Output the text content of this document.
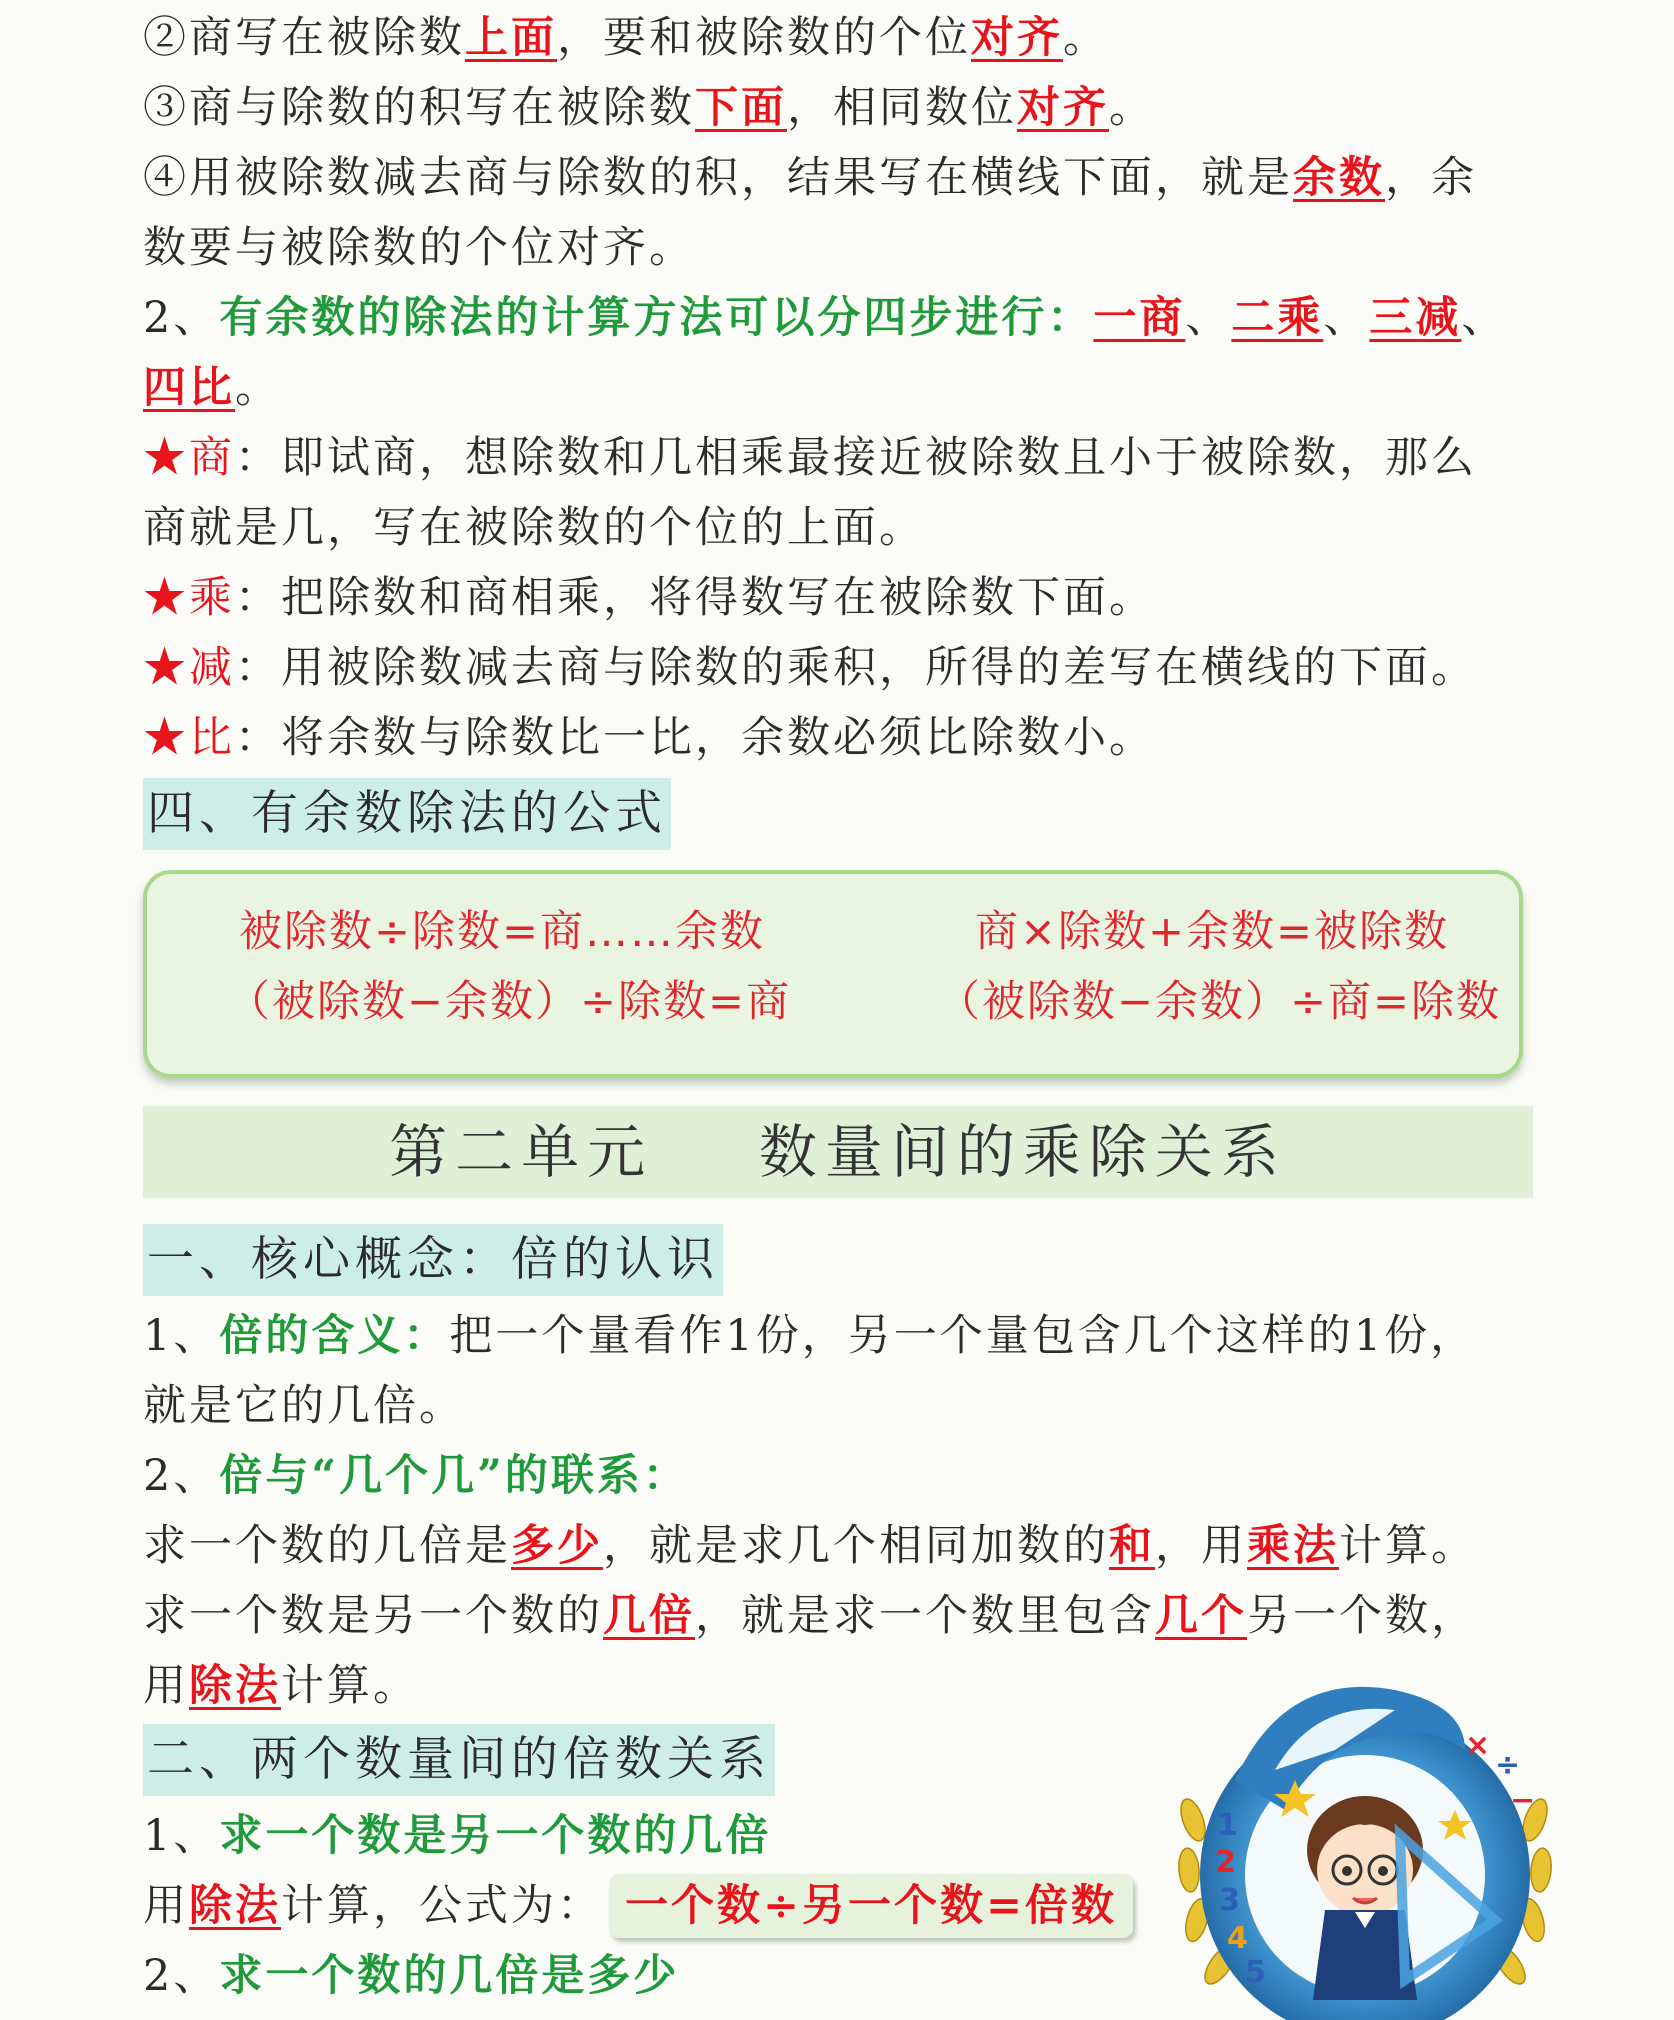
②商写在被除数上面，要和被除数的个位对齐。
③商与除数的积写在被除数下面，相同数位对齐。
④用被除数减去商与除数的积，结果写在横线下面，就是余数，余
数要与被除数的个位对齐。
2、有余数的除法的计算方法可以分四步进行：一商、二乘、三减、
四比。
★商：即试商，想除数和几相乘最接近被除数且小于被除数，那么
商就是几，写在被除数的个位的上面。
★乘：把除数和商相乘，将得数写在被除数下面。
★减：用被除数减去商与除数的乘积，所得的差写在横线的下面。
★比：将余数与除数比一比，余数必须比除数小。
四、有余数除法的公式
被除数÷除数=商……余数	商×除数+余数=被除数
（被除数−余数）÷除数=商	（被除数−余数）÷商=除数
第二单元    数量间的乘除关系
一、核心概念：倍的认识
1、倍的含义：把一个量看作1份，另一个量包含几个这样的1份，
就是它的几倍。
2、倍与“几个几”的联系：
求一个数的几倍是多少，就是求几个相同加数的和，用乘法计算。
求一个数是另一个数的几倍，就是求一个数里包含几个另一个数，
用除法计算。
二、两个数量间的倍数关系
1、求一个数是另一个数的几倍
用除法计算，公式为： 一个数÷另一个数=倍数
2、求一个数的几倍是多少
1
2
3
4
5
×
÷
−
